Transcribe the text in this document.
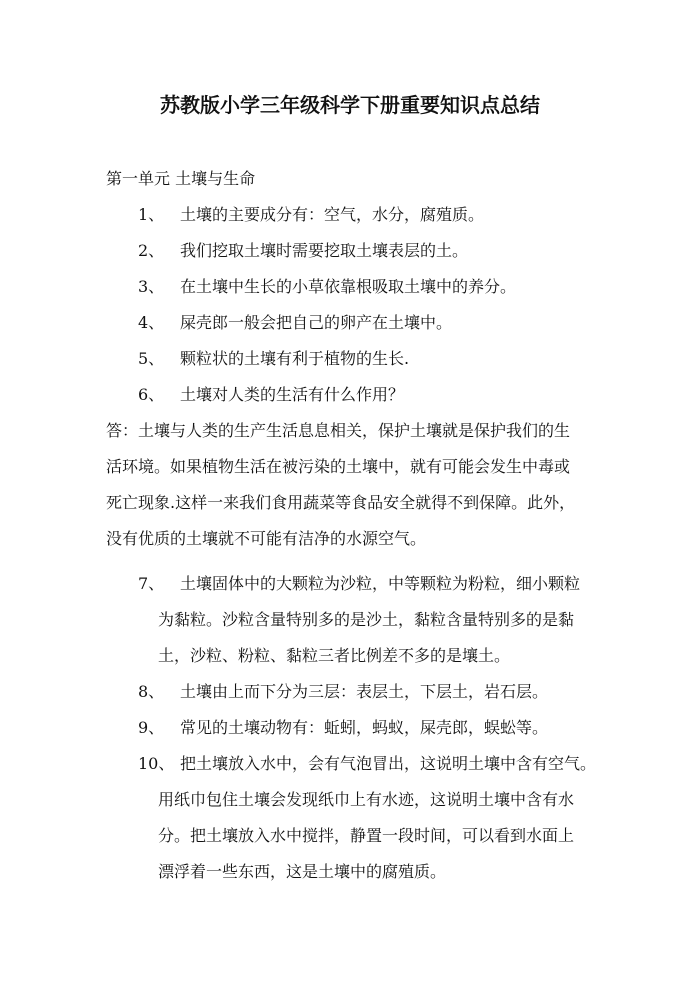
苏教版小学三年级科学下册重要知识点总结
第一单元 土壤与生命
1、 土壤的主要成分有：空气，水分，腐殖质。
2、 我们挖取土壤时需要挖取土壤表层的土。
3、 在土壤中生长的小草依靠根吸取土壤中的养分。
4、 屎壳郎一般会把自己的卵产在土壤中。
5、 颗粒状的土壤有利于植物的生长.
6、 土壤对人类的生活有什么作用？
答：土壤与人类的生产生活息息相关，保护土壤就是保护我们的生
活环境。如果植物生活在被污染的土壤中，就有可能会发生中毒或
死亡现象.这样一来我们食用蔬菜等食品安全就得不到保障。此外，
没有优质的土壤就不可能有洁净的水源空气。
7、 土壤固体中的大颗粒为沙粒，中等颗粒为粉粒，细小颗粒
为黏粒。沙粒含量特别多的是沙土，黏粒含量特别多的是黏
土，沙粒、粉粒、黏粒三者比例差不多的是壤土。
8、 土壤由上而下分为三层：表层土，下层土，岩石层。
9、 常见的土壤动物有：蚯蚓，蚂蚁，屎壳郎，蜈蚣等。
10、 把土壤放入水中，会有气泡冒出，这说明土壤中含有空气。
用纸巾包住土壤会发现纸巾上有水迹，这说明土壤中含有水
分。把土壤放入水中搅拌，静置一段时间，可以看到水面上
漂浮着一些东西，这是土壤中的腐殖质。
